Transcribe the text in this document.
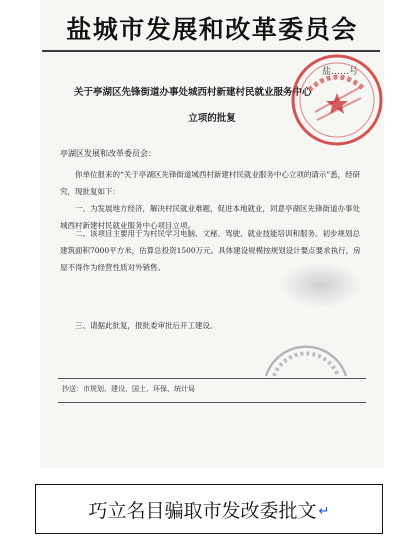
盐城市发展和改革委员会
盐……号
关于亭湖区先锋街道办事处城西村新建村民就业服务中心
立项的批复
亭湖区发展和改革委员会：

你单位报来的“关于亭湖区先锋街道城西村新建村民就业服务中心立项的请示”悉，经研究，现批复如下：

一、为发展地方经济，解决村民就业难题，促进本地就业，同意亭湖区先锋街道办事处城西村新建村民就业服务中心项目立项。

二、该项目主要用于为村民学习电脑、文秘、驾驶、就业技能培训和服务。初步规划总建筑面积7000平方米，估算总投资1500万元。具体建设规模按规划设计要点要求执行，房屋不得作为经营性质对外销售。

三、请据此批复，报批委审批后开工建设。

抄送：市规划、建设、国土、环保、统计局
巧立名目骗取市发改委批文 ↵
